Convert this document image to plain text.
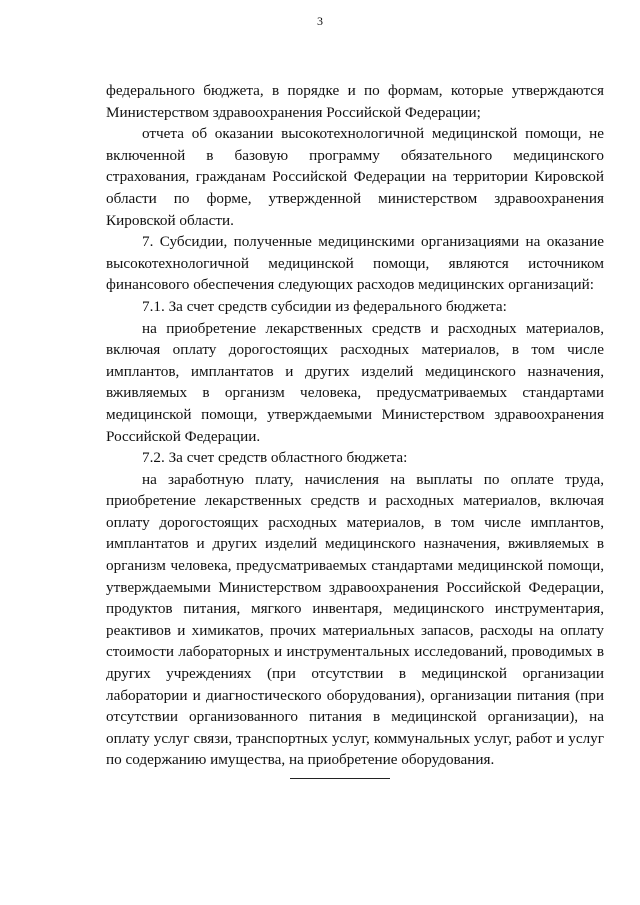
3

федерального бюджета, в порядке и по формам, которые утверждаются Министерством здравоохранения Российской Федерации;

отчета об оказании высокотехнологичной медицинской помощи, не включенной в базовую программу обязательного медицинского страхования, гражданам Российской Федерации на территории Кировской области по форме, утвержденной министерством здравоохранения Кировской области.

7. Субсидии, полученные медицинскими организациями на оказание высокотехнологичной медицинской помощи, являются источником финансового обеспечения следующих расходов медицинских организаций:

7.1. За счет средств субсидии из федерального бюджета:

на приобретение лекарственных средств и расходных материалов, включая оплату дорогостоящих расходных материалов, в том числе имплантов, имплантатов и других изделий медицинского назначения, вживляемых в организм человека, предусматриваемых стандартами медицинской помощи, утверждаемыми Министерством здравоохранения Российской Федерации.

7.2. За счет средств областного бюджета:

на заработную плату, начисления на выплаты по оплате труда, приобретение лекарственных средств и расходных материалов, включая оплату дорогостоящих расходных материалов, в том числе имплантов, имплантатов и других изделий медицинского назначения, вживляемых в организм человека, предусматриваемых стандартами медицинской помощи, утверждаемыми Министерством здравоохранения Российской Федерации, продуктов питания, мягкого инвентаря, медицинского инструментария, реактивов и химикатов, прочих материальных запасов, расходы на оплату стоимости лабораторных и инструментальных исследований, проводимых в других учреждениях (при отсутствии в медицинской организации лаборатории и диагностического оборудования), организации питания (при отсутствии организованного питания в медицинской организации), на оплату услуг связи, транспортных услуг, коммунальных услуг, работ и услуг по содержанию имущества, на приобретение оборудования.
